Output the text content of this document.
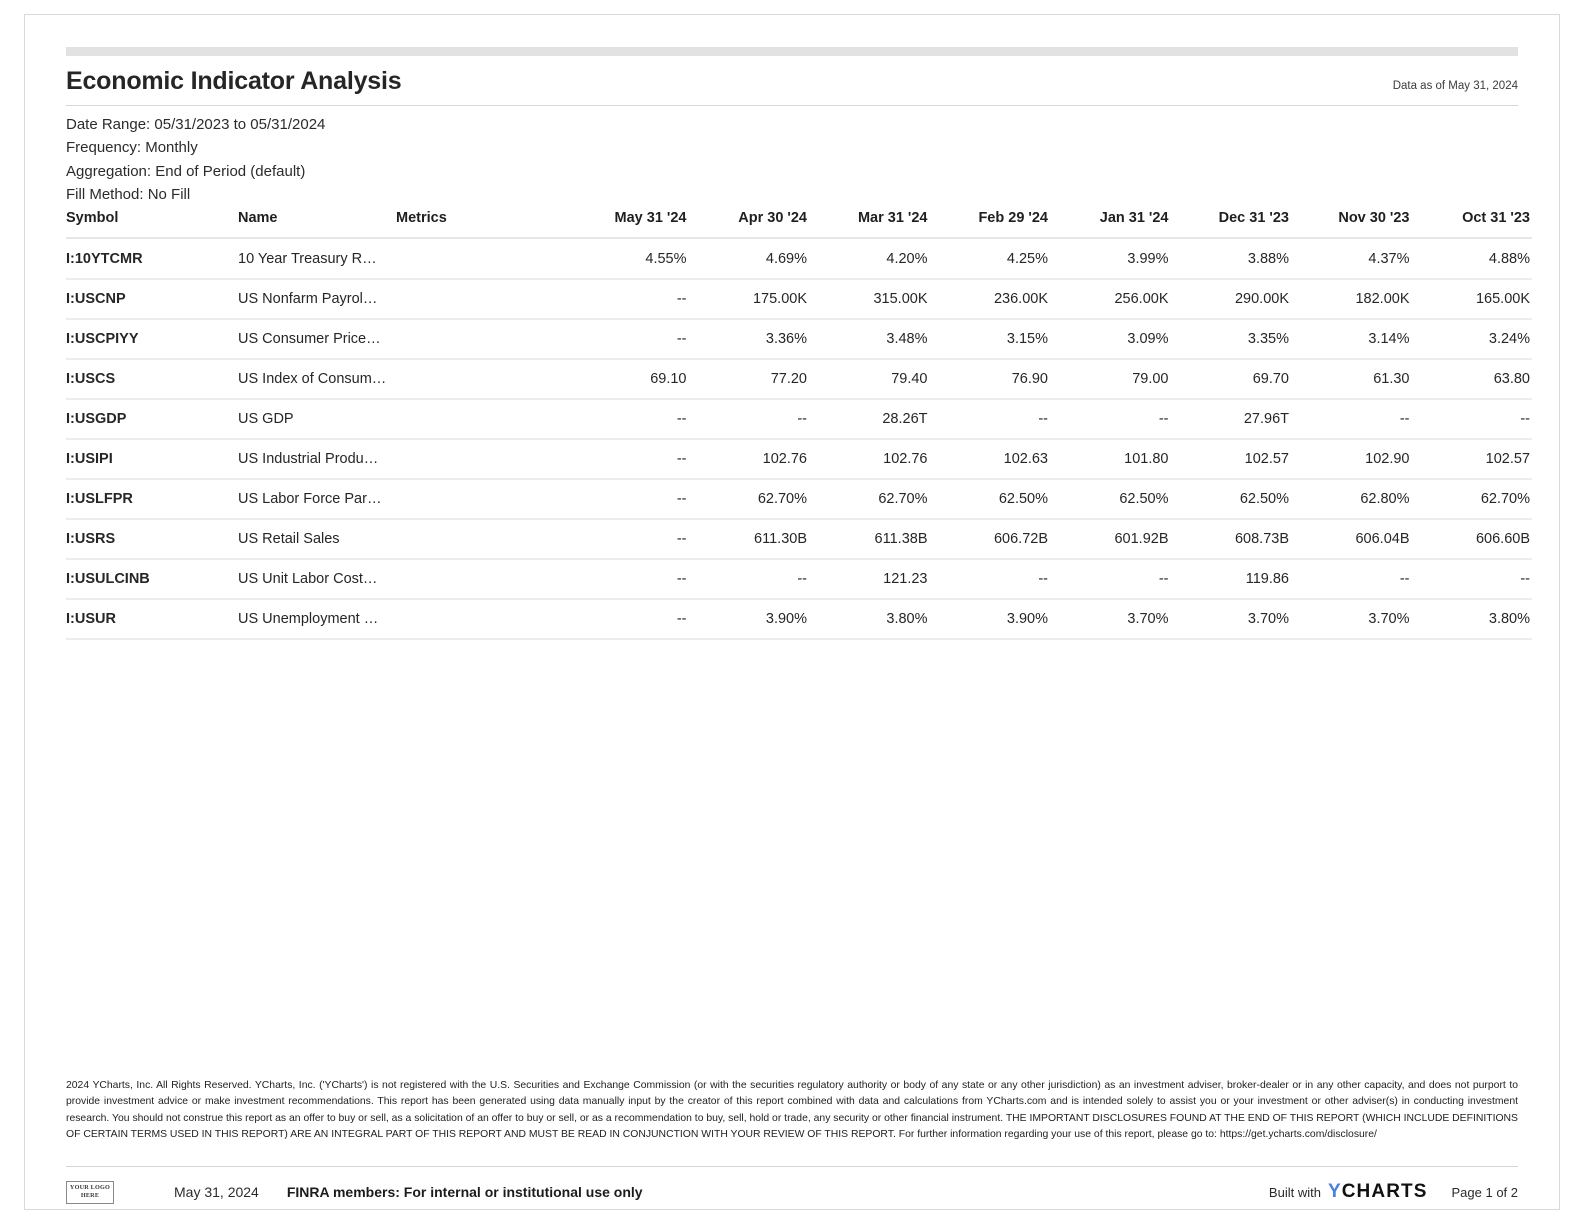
Economic Indicator Analysis	Data as of May 31, 2024
Date Range: 05/31/2023 to 05/31/2024
Frequency: Monthly
Aggregation: End of Period (default)
Fill Method: No Fill
Symbol	Name	Metrics	May 31 '24	Apr 30 '24	Mar 31 '24	Feb 29 '24	Jan 31 '24	Dec 31 '23	Nov 30 '23	Oct 31 '23
I:10YTCMR	10 Year Treasury R…		4.55%	4.69%	4.20%	4.25%	3.99%	3.88%	4.37%	4.88%
I:USCNP	US Nonfarm Payrol…		--	175.00K	315.00K	236.00K	256.00K	290.00K	182.00K	165.00K
I:USCPIYY	US Consumer Price…		--	3.36%	3.48%	3.15%	3.09%	3.35%	3.14%	3.24%
I:USCS	US Index of Consum…		69.10	77.20	79.40	76.90	79.00	69.70	61.30	63.80
I:USGDP	US GDP		--	--	28.26T	--	--	27.96T	--	--
I:USIPI	US Industrial Produ…		--	102.76	102.76	102.63	101.80	102.57	102.90	102.57
I:USLFPR	US Labor Force Par…		--	62.70%	62.70%	62.50%	62.50%	62.50%	62.80%	62.70%
I:USRS	US Retail Sales		--	611.30B	611.38B	606.72B	601.92B	608.73B	606.04B	606.60B
I:USULCINB	US Unit Labor Cost…		--	--	121.23	--	--	119.86	--	--
I:USUR	US Unemployment …		--	3.90%	3.80%	3.90%	3.70%	3.70%	3.70%	3.80%
2024 YCharts, Inc. All Rights Reserved. YCharts, Inc. ('YCharts') is not registered with the U.S. Securities and Exchange Commission (or with the securities regulatory authority or body of any state or any other jurisdiction) as an investment adviser, broker-dealer or in any other capacity, and does not purport to provide investment advice or make investment recommendations. This report has been generated using data manually input by the creator of this report combined with data and calculations from YCharts.com and is intended solely to assist you or your investment or other adviser(s) in conducting investment research. You should not construe this report as an offer to buy or sell, as a solicitation of an offer to buy or sell, or as a recommendation to buy, sell, hold or trade, any security or other financial instrument. THE IMPORTANT DISCLOSURES FOUND AT THE END OF THIS REPORT (WHICH INCLUDE DEFINITIONS OF CERTAIN TERMS USED IN THIS REPORT) ARE AN INTEGRAL PART OF THIS REPORT AND MUST BE READ IN CONJUNCTION WITH YOUR REVIEW OF THIS REPORT. For further information regarding your use of this report, please go to: https://get.ycharts.com/disclosure/
YOUR LOGO
HERE	May 31, 2024 FINRA members: For internal or institutional use only	Built with Y CHARTS Page 1 of 2
